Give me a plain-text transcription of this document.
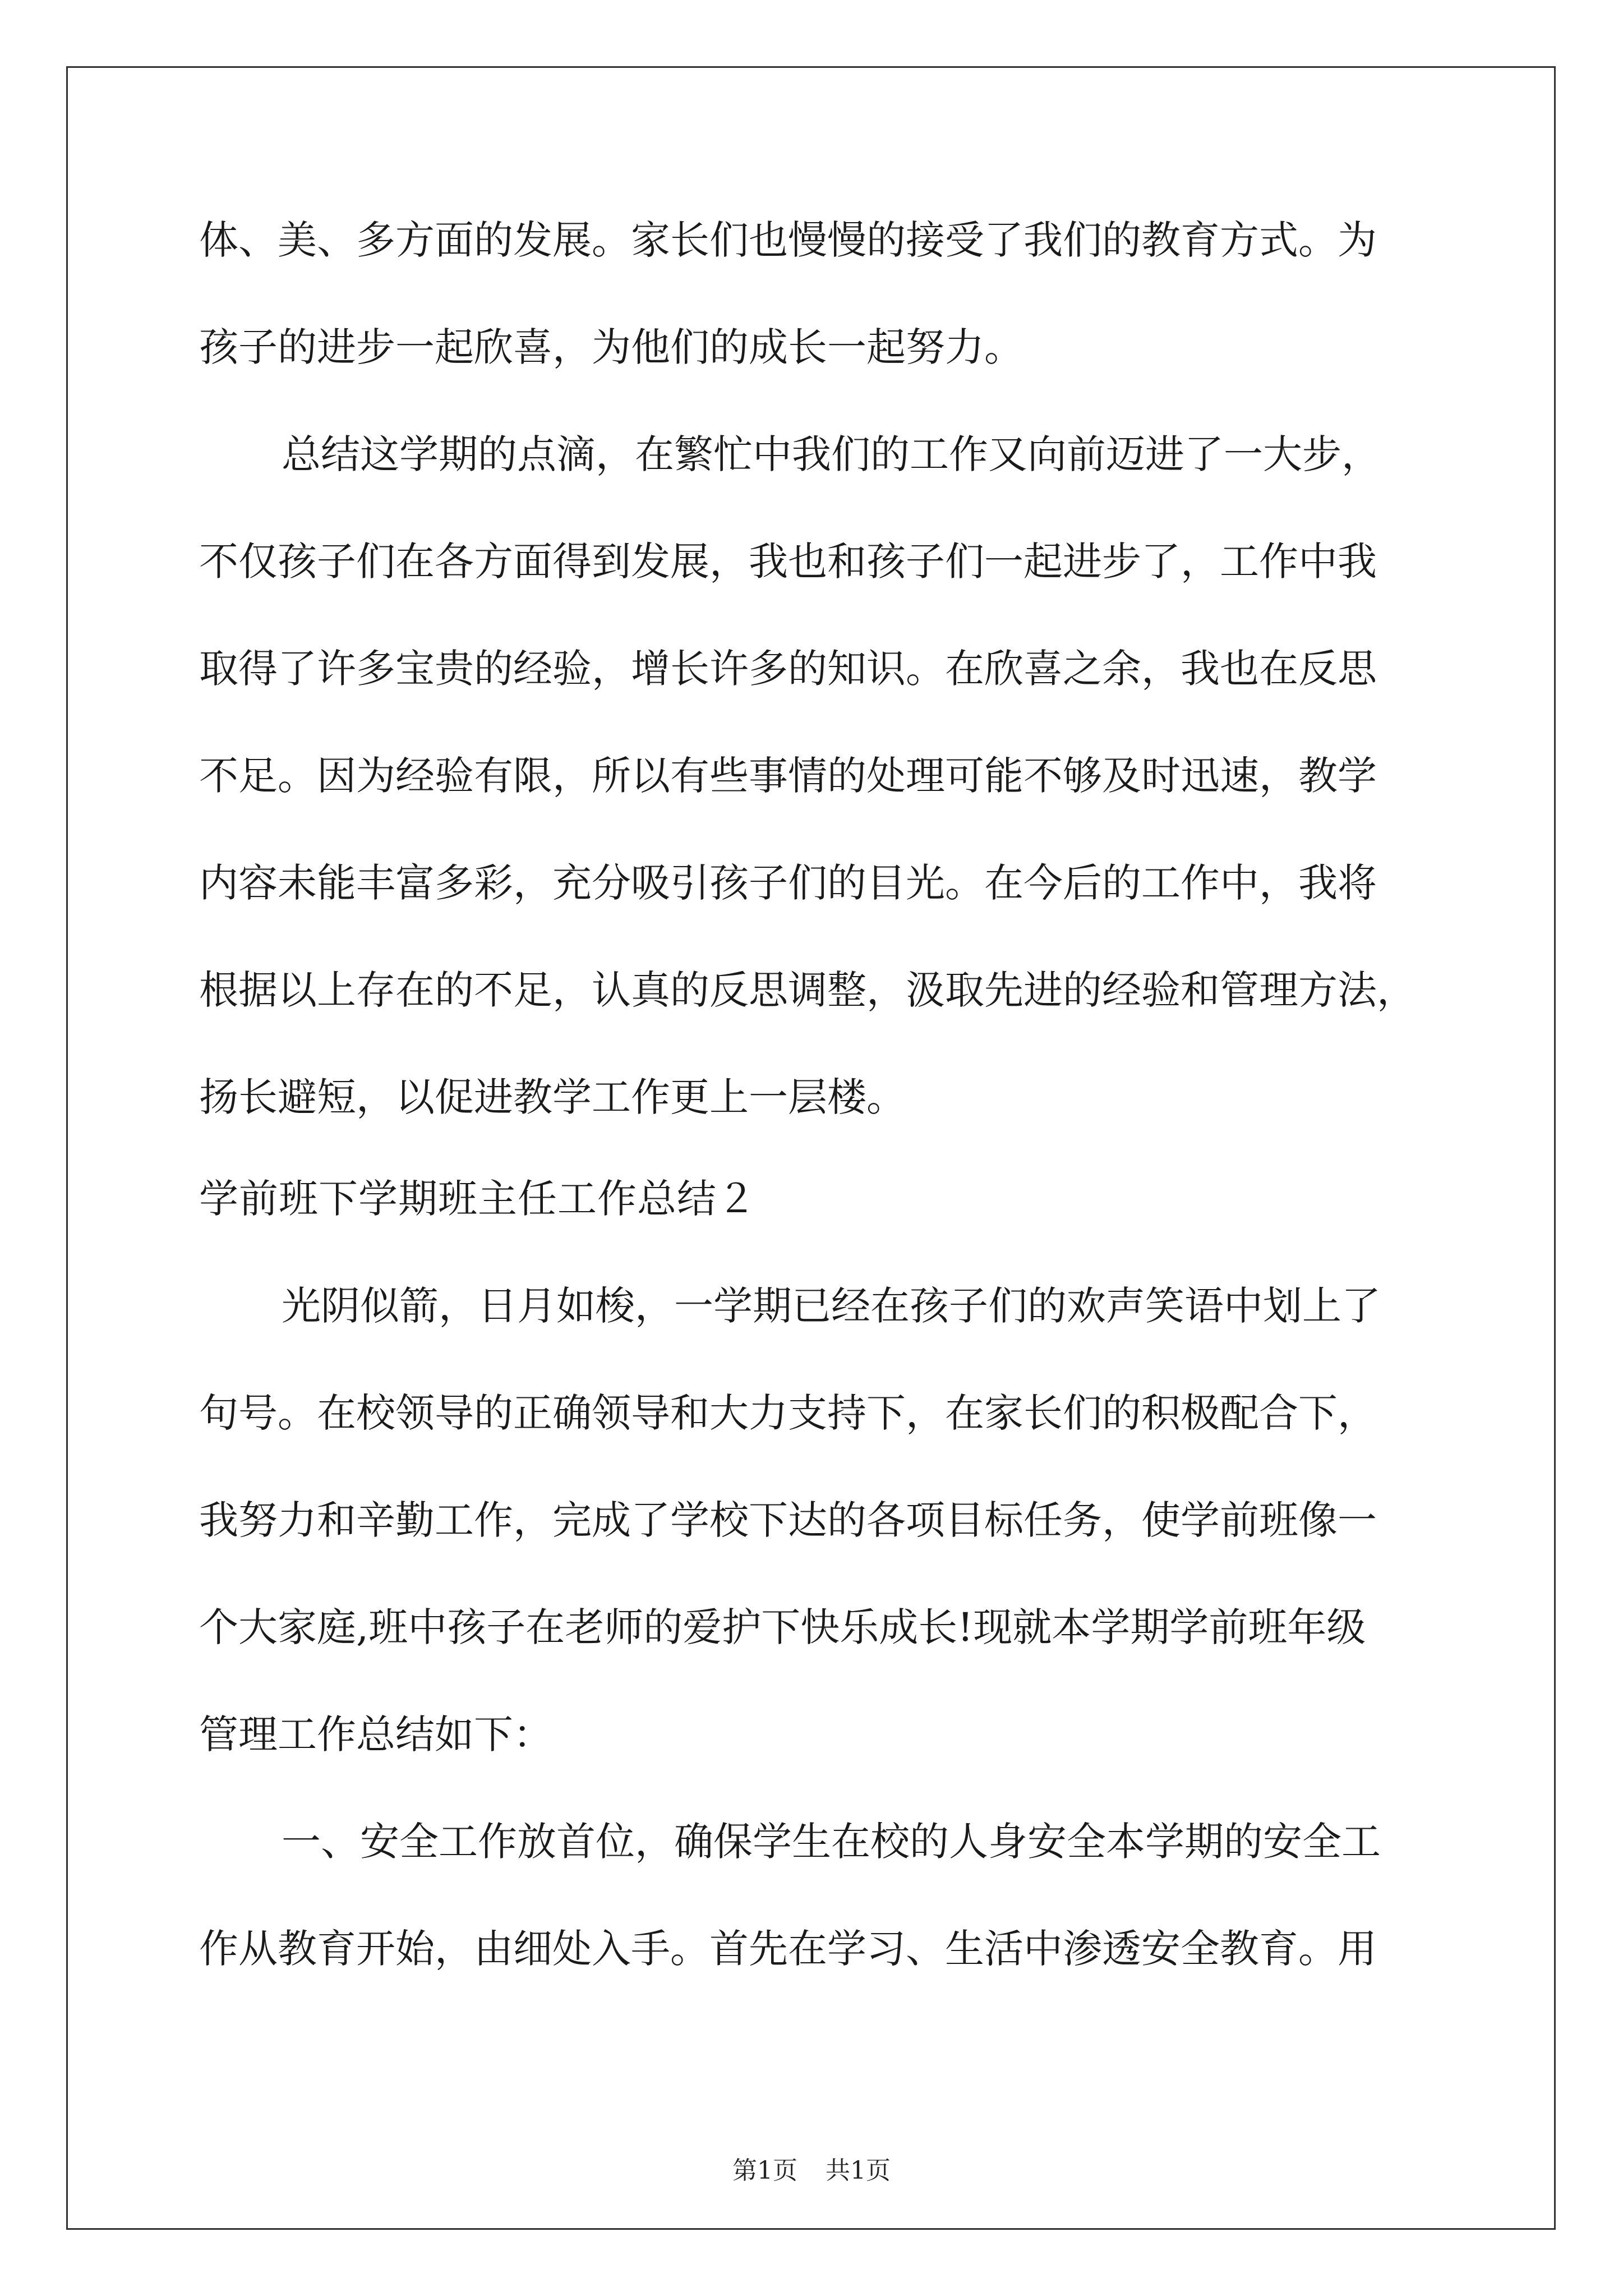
体、美、多方面的发展。家长们也慢慢的接受了我们的教育方式。为
孩子的进步一起欣喜，为他们的成长一起努力。
总结这学期的点滴，在繁忙中我们的工作又向前迈进了一大步，
不仅孩子们在各方面得到发展，我也和孩子们一起进步了，工作中我
取得了许多宝贵的经验，增长许多的知识。在欣喜之余，我也在反思
不足。因为经验有限，所以有些事情的处理可能不够及时迅速，教学
内容未能丰富多彩，充分吸引孩子们的目光。在今后的工作中，我将
根据以上存在的不足，认真的反思调整，汲取先进的经验和管理方法，
扬长避短，以促进教学工作更上一层楼。
学前班下学期班主任工作总结２
光阴似箭，日月如梭，一学期已经在孩子们的欢声笑语中划上了
句号。在校领导的正确领导和大力支持下，在家长们的积极配合下，
我努力和辛勤工作，完成了学校下达的各项目标任务，使学前班像一
个大家庭,班中孩子在老师的爱护下快乐成长!现就本学期学前班年级
管理工作总结如下：
一、安全工作放首位，确保学生在校的人身安全本学期的安全工
作从教育开始，由细处入手。首先在学习、生活中渗透安全教育。用
第1页 共1页
